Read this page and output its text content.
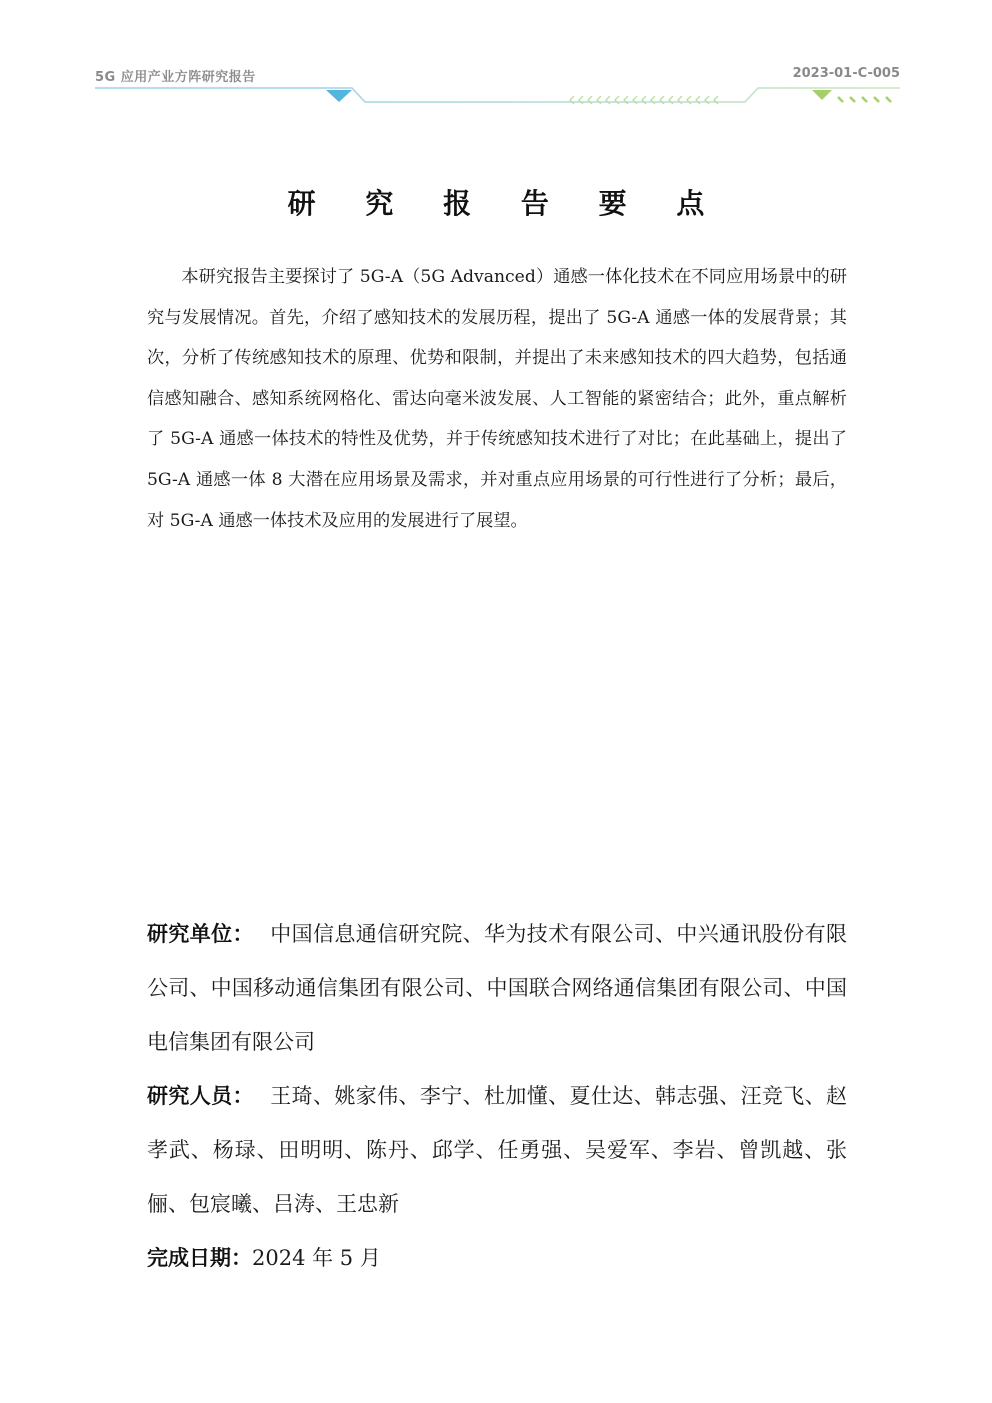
5G 应用产业方阵研究报告	2023-01-C-005
研 究 报 告 要 点

本研究报告主要探讨了 5G-A（5G Advanced）通感一体化技术在不同应用场景中的研究与发展情况。首先，介绍了感知技术的发展历程，提出了 5G-A 通感一体的发展背景；其次，分析了传统感知技术的原理、优势和限制，并提出了未来感知技术的四大趋势，包括通信感知融合、感知系统网格化、雷达向毫米波发展、人工智能的紧密结合；此外，重点解析了 5G-A 通感一体技术的特性及优势，并于传统感知技术进行了对比；在此基础上，提出了 5G-A 通感一体 8 大潜在应用场景及需求，并对重点应用场景的可行性进行了分析；最后，对 5G-A 通感一体技术及应用的发展进行了展望。

研究单位： 中国信息通信研究院、华为技术有限公司、中兴通讯股份有限公司、中国移动通信集团有限公司、中国联合网络通信集团有限公司、中国电信集团有限公司

研究人员： 王琦、姚家伟、李宁、杜加懂、夏仕达、韩志强、汪竞飞、赵孝武、杨琭、田明明、陈丹、邱学、任勇强、吴爱军、李岩、曾凯越、张俪、包宸曦、吕涛、王忠新

完成日期：2024 年 5 月
